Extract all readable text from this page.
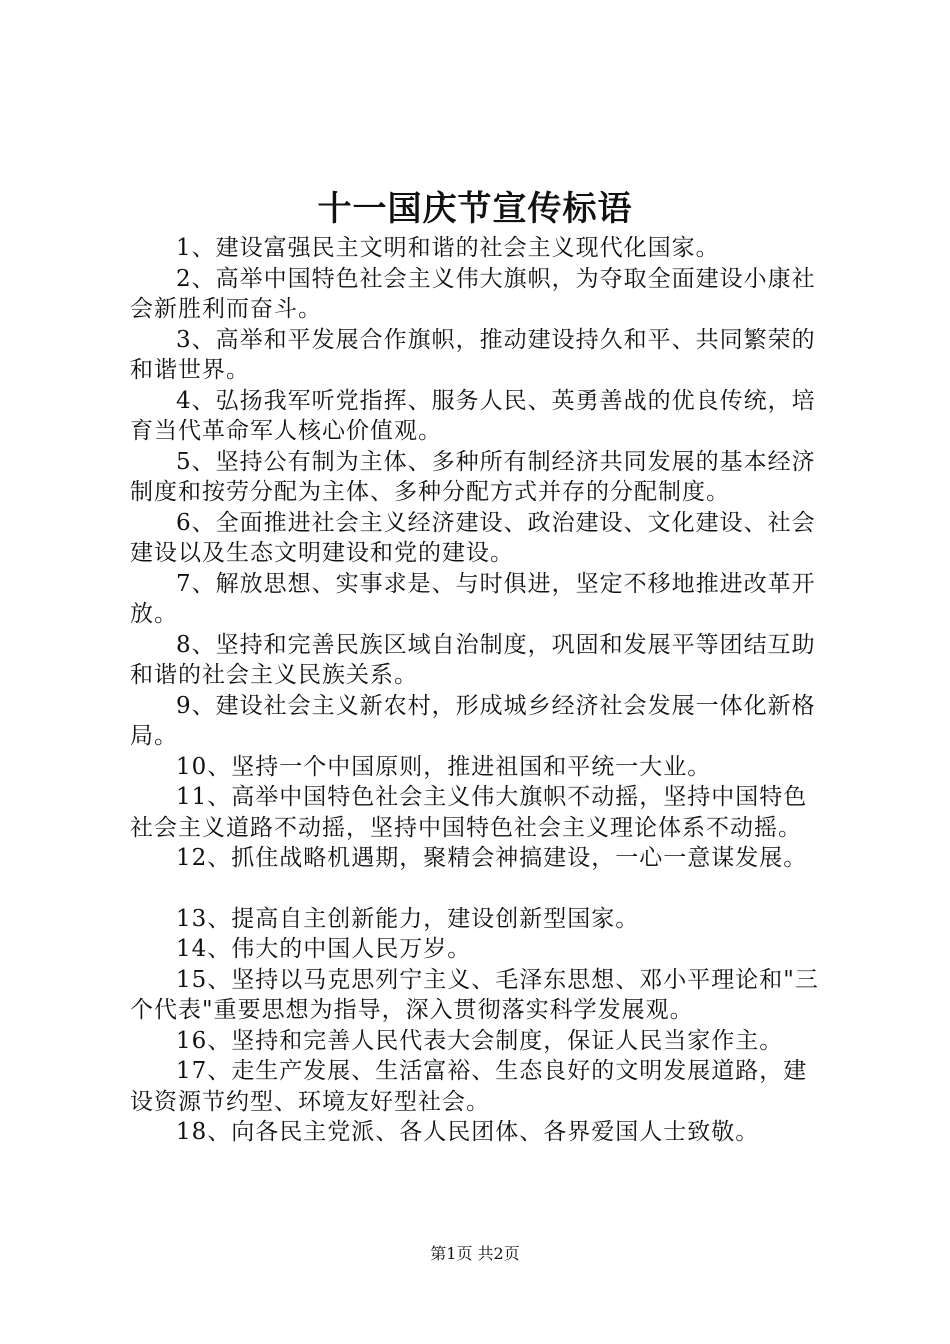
十一国庆节宣传标语

1、建设富强民主文明和谐的社会主义现代化国家。

2、高举中国特色社会主义伟大旗帜，为夺取全面建设小康社会新胜利而奋斗。

3、高举和平发展合作旗帜，推动建设持久和平、共同繁荣的和谐世界。

4、弘扬我军听党指挥、服务人民、英勇善战的优良传统，培育当代革命军人核心价值观。

5、坚持公有制为主体、多种所有制经济共同发展的基本经济制度和按劳分配为主体、多种分配方式并存的分配制度。

6、全面推进社会主义经济建设、政治建设、文化建设、社会建设以及生态文明建设和党的建设。

7、解放思想、实事求是、与时俱进，坚定不移地推进改革开放。

8、坚持和完善民族区域自治制度，巩固和发展平等团结互助和谐的社会主义民族关系。

9、建设社会主义新农村，形成城乡经济社会发展一体化新格局。

10、坚持一个中国原则，推进祖国和平统一大业。

11、高举中国特色社会主义伟大旗帜不动摇，坚持中国特色社会主义道路不动摇，坚持中国特色社会主义理论体系不动摇。

12、抓住战略机遇期，聚精会神搞建设，一心一意谋发展。

13、提高自主创新能力，建设创新型国家。

14、伟大的中国人民万岁。

15、坚持以马克思列宁主义、毛泽东思想、邓小平理论和"三个代表"重要思想为指导，深入贯彻落实科学发展观。

16、坚持和完善人民代表大会制度，保证人民当家作主。

17、走生产发展、生活富裕、生态良好的文明发展道路，建设资源节约型、环境友好型社会。

18、向各民主党派、各人民团体、各界爱国人士致敬。

第1页 共2页
